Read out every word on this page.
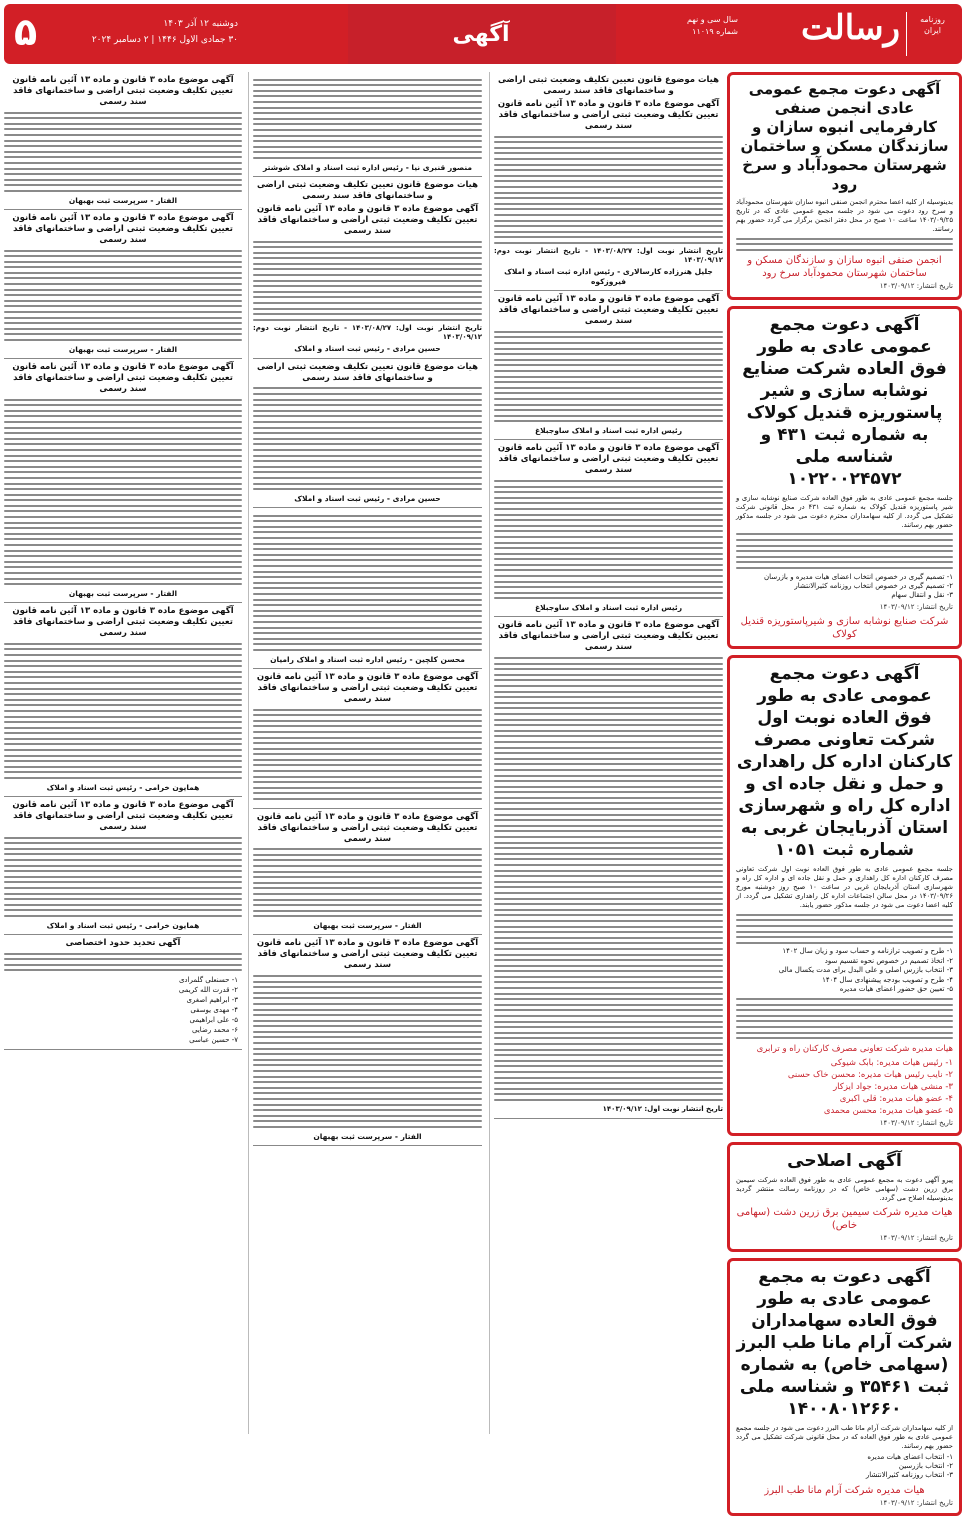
روزنامه
ایران
رسالت
سال سی و نهم
شماره ۱۱۰۱۹
آگهی
دوشنبه ۱۲ آذر ۱۴۰۳
۳۰ جمادی الاول ۱۴۴۶ | ۲ دسامبر ۲۰۲۴
۵
آگهی دعوت مجمع عمومی عادی انجمن صنفی کارفرمایی انبوه سازان و سازندگان مسکن و ساختمان شهرستان محمودآباد و سرخ رود
بدینوسیله از کلیه اعضا محترم انجمن صنفی انبوه سازان شهرستان محمودآباد و سرخ رود دعوت می شود در جلسه مجمع عمومی عادی که در تاریخ ۱۴۰۳/۰۹/۲۵ ساعت ۱۰ صبح در محل دفتر انجمن برگزار می گردد حضور بهم رسانند.
انجمن صنفی انبوه سازان و سازندگان مسکن و ساختمان شهرستان محمودآباد سرخ رود
تاریخ انتشار: ۱۴۰۳/۰۹/۱۲
آگهی دعوت مجمع عمومی عادی به طور فوق العاده شرکت صنایع نوشابه سازی و شیر پاستوریزه قندیل کولاک به شماره ثبت ۴۳۱ و شناسه ملی ۱۰۲۲۰۰۲۴۵۷۲
جلسه مجمع عمومی عادی به طور فوق العاده شرکت صنایع نوشابه سازی و شیر پاستوریزه قندیل کولاک به شماره ثبت ۴۳۱ در محل قانونی شرکت تشکیل می گردد. از کلیه سهامداران محترم دعوت می شود در جلسه مذکور حضور بهم رسانند.
۱- تصمیم گیری در خصوص انتخاب اعضای هیات مدیره و بازرسان
۲- تصمیم گیری در خصوص انتخاب روزنامه کثیرالانتشار
۳- نقل و انتقال سهام
تاریخ انتشار: ۱۴۰۳/۰۹/۱۲
شرکت صنایع نوشابه سازی و شیرپاستوریزه قندیل کولاک
آگهی دعوت مجمع عمومی عادی به طور فوق العاده نوبت اول شرکت تعاونی مصرف کارکنان اداره کل راهداری و حمل و نقل جاده ای و اداره کل راه و شهرسازی استان آذربایجان غربی به شماره ثبت ۱۰۵۱
جلسه مجمع عمومی عادی به طور فوق العاده نوبت اول شرکت تعاونی مصرف کارکنان اداره کل راهداری و حمل و نقل جاده ای و اداره کل راه و شهرسازی استان آذربایجان غربی در ساعت ۱۰ صبح روز دوشنبه مورخ ۱۴۰۳/۰۹/۲۶ در محل سالن اجتماعات اداره کل راهداری تشکیل می گردد. از کلیه اعضا دعوت می شود در جلسه مذکور حضور یابند.
۱- طرح و تصویب ترازنامه و حساب سود و زیان سال ۱۴۰۲
۲- اتخاذ تصمیم در خصوص نحوه تقسیم سود
۳- انتخاب بازرس اصلی و علی البدل برای مدت یکسال مالی
۴- طرح و تصویب بودجه پیشنهادی سال ۱۴۰۴
۵- تعیین حق حضور اعضای هیات مدیره
هیات مدیره شرکت تعاونی مصرف کارکنان راه و ترابری
۱- رئیس هیات مدیره: بابک شیوکی
۲- نایب رئیس هیات مدیره: محسن خاک حسنی
۳- منشی هیات مدیره: جواد ایزکار
۴- عضو هیات مدیره: قلی اکبری
۵- عضو هیات مدیره: محسن محمدی
تاریخ انتشار: ۱۴۰۳/۰۹/۱۲
آگهی اصلاحی
پیرو آگهی دعوت به مجمع عمومی عادی به طور فوق العاده شرکت سیمین برق زرین دشت (سهامی خاص) که در روزنامه رسالت منتشر گردید بدینوسیله اصلاح می گردد.
هیات مدیره شرکت سیمین برق زرین دشت (سهامی خاص)
تاریخ انتشار: ۱۴۰۳/۰۹/۱۲
آگهی دعوت به مجمع عمومی عادی به طور فوق العاده سهامداران شرکت آرام مانا طب البرز (سهامی خاص) به شماره ثبت ۳۵۴۶۱ و شناسه ملی ۱۴۰۰۸۰۱۲۶۶۰
از کلیه سهامداران شرکت آرام مانا طب البرز دعوت می شود در جلسه مجمع عمومی عادی به طور فوق العاده که در محل قانونی شرکت تشکیل می گردد حضور بهم رسانند.
۱- انتخاب اعضای هیات مدیره
۲- انتخاب بازرسین
۳- انتخاب روزنامه کثیرالانتشار
هیات مدیره شرکت آرام مانا طب البرز
تاریخ انتشار: ۱۴۰۳/۰۹/۱۲
هیات موضوع قانون تعیین تکلیف وضعیت ثبتی اراضی و ساختمانهای فاقد سند رسمی
آگهی موضوع ماده ۳ قانون و ماده ۱۳ آئین نامه قانون تعیین تکلیف وضعیت ثبتی اراضی و ساختمانهای فاقد سند رسمی
تاریخ انتشار نوبت اول: ۱۴۰۳/۰۸/۲۷ - تاریخ انتشار نوبت دوم: ۱۴۰۳/۰۹/۱۲
جلیل هنرزاده کارسالاری - رئیس اداره ثبت اسناد و املاک فیروزکوه
آگهی موضوع ماده ۳ قانون و ماده ۱۳ آئین نامه قانون تعیین تکلیف وضعیت ثبتی اراضی و ساختمانهای فاقد سند رسمی
رئیس اداره ثبت اسناد و املاک ساوجبلاغ
آگهی موضوع ماده ۳ قانون و ماده ۱۳ آئین نامه قانون تعیین تکلیف وضعیت ثبتی اراضی و ساختمانهای فاقد سند رسمی
رئیس اداره ثبت اسناد و املاک ساوجبلاغ
آگهی موضوع ماده ۳ قانون و ماده ۱۳ آئین نامه قانون تعیین تکلیف وضعیت ثبتی اراضی و ساختمانهای فاقد سند رسمی
تاریخ انتشار نوبت اول: ۱۴۰۳/۰۹/۱۲
منصور قنبری نیا - رئیس اداره ثبت اسناد و املاک شوشتر
هیات موضوع قانون تعیین تکلیف وضعیت ثبتی اراضی و ساختمانهای فاقد سند رسمی
آگهی موضوع ماده ۳ قانون و ماده ۱۳ آئین نامه قانون تعیین تکلیف وضعیت ثبتی اراضی و ساختمانهای فاقد سند رسمی
تاریخ انتشار نوبت اول: ۱۴۰۳/۰۸/۲۷ - تاریخ انتشار نوبت دوم: ۱۴۰۳/۰۹/۱۲
حسین مرادی - رئیس ثبت اسناد و املاک
هیات موضوع قانون تعیین تکلیف وضعیت ثبتی اراضی و ساختمانهای فاقد سند رسمی
حسین مرادی - رئیس ثبت اسناد و املاک
محسن کلچین - رئیس اداره ثبت اسناد و املاک رامیان
آگهی موضوع ماده ۳ قانون و ماده ۱۳ آئین نامه قانون تعیین تکلیف وضعیت ثبتی اراضی و ساختمانهای فاقد سند رسمی
آگهی موضوع ماده ۳ قانون و ماده ۱۳ آئین نامه قانون تعیین تکلیف وضعیت ثبتی اراضی و ساختمانهای فاقد سند رسمی
الفتار - سرپرست ثبت بهبهان
آگهی موضوع ماده ۳ قانون و ماده ۱۳ آئین نامه قانون تعیین تکلیف وضعیت ثبتی اراضی و ساختمانهای فاقد سند رسمی
الفتار - سرپرست ثبت بهبهان
آگهی موضوع ماده ۳ قانون و ماده ۱۳ آئین نامه قانون تعیین تکلیف وضعیت ثبتی اراضی و ساختمانهای فاقد سند رسمی
الفتار - سرپرست ثبت بهبهان
آگهی موضوع ماده ۳ قانون و ماده ۱۳ آئین نامه قانون تعیین تکلیف وضعیت ثبتی اراضی و ساختمانهای فاقد سند رسمی
الفتار - سرپرست ثبت بهبهان
آگهی موضوع ماده ۳ قانون و ماده ۱۳ آئین نامه قانون تعیین تکلیف وضعیت ثبتی اراضی و ساختمانهای فاقد سند رسمی
الفتار - سرپرست ثبت بهبهان
آگهی موضوع ماده ۳ قانون و ماده ۱۳ آئین نامه قانون تعیین تکلیف وضعیت ثبتی اراضی و ساختمانهای فاقد سند رسمی
همایون خرامی - رئیس ثبت اسناد و املاک
آگهی موضوع ماده ۳ قانون و ماده ۱۳ آئین نامه قانون تعیین تکلیف وضعیت ثبتی اراضی و ساختمانهای فاقد سند رسمی
همایون خرامی - رئیس ثبت اسناد و املاک
آگهی تحدید حدود اختصاصی
۱- حسنعلی گلمرادی
۲- قدرت الله کریمی
۳- ابراهیم اصغری
۴- مهدی یوسفی
۵- علی ابراهیمی
۶- محمد رضایی
۷- حسین عباسی
